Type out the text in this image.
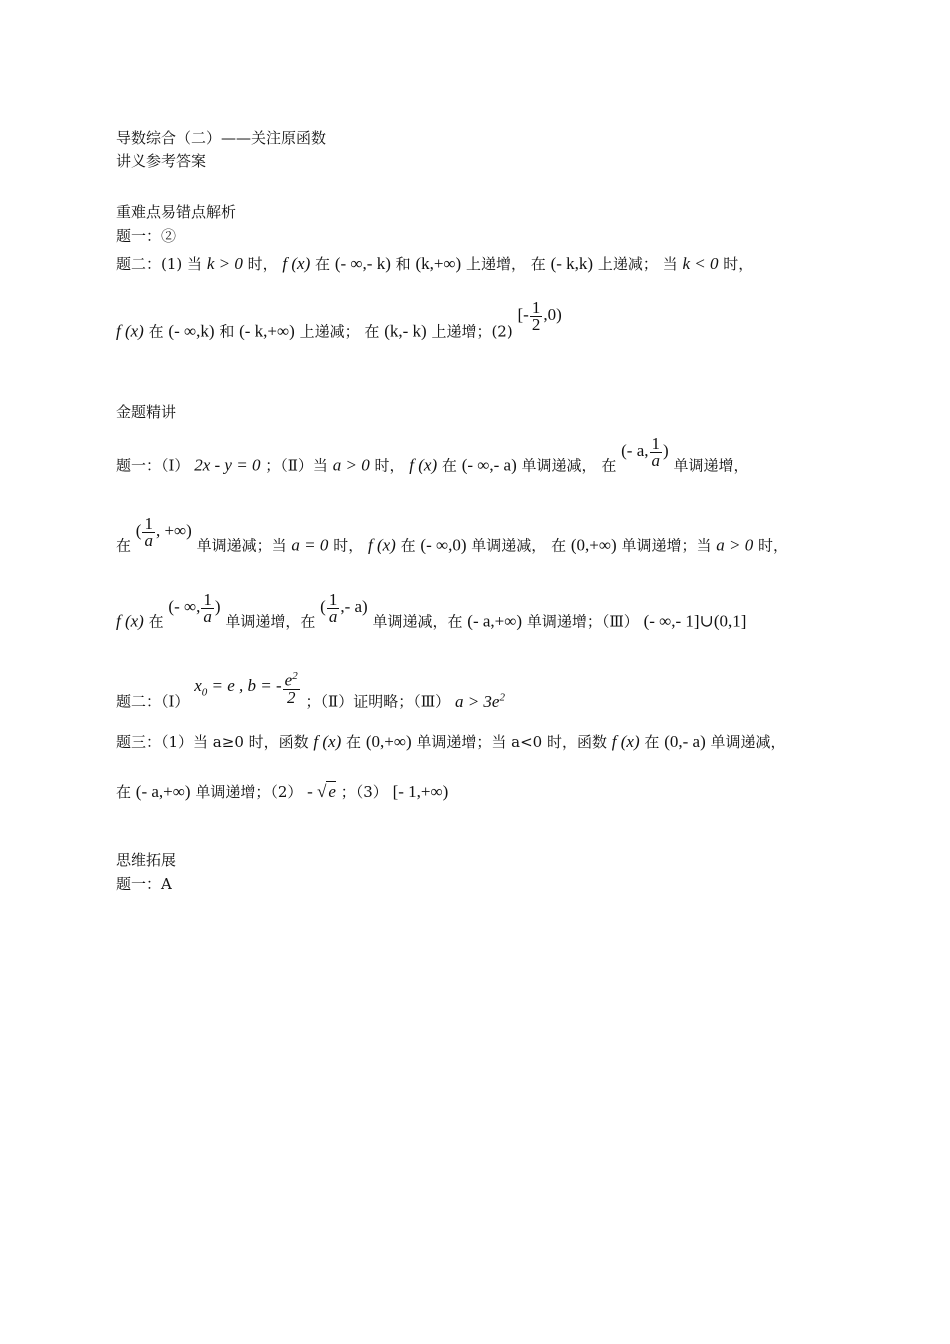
导数综合（二）——关注原函数
讲义参考答案
重难点易错点解析
题一：②
题二：(1) 当 k > 0 时， f (x) 在 (- ∞,- k) 和 (k,+∞) 上递增， 在 (- k,k) 上递减； 当 k < 0 时，
f (x) 在 (- ∞,k) 和 (- k,+∞) 上递减； 在 (k,- k) 上递增；(2) [- $\frac{1}{2} ,0$)
金题精讲
题一：（Ⅰ） 2x - y = 0 ；（Ⅱ）当 a > 0 时， f (x) 在 (- ∞,- a) 单调递减， 在 (- a, $\frac{1}{a}$ ) 单调递增，
在 ( $\frac{1}{a}$ , +∞) 单调递减；当 a = 0 时， f (x) 在 (- ∞,0) 单调递减， 在 (0,+∞) 单调递增；当 a > 0 时，
f (x) 在 (- ∞, $\frac{1}{a}$ ) 单调递增，在 ( $\frac{1}{a}$ ,- a) 单调递减，在 (- a,+∞) 单调递增；（Ⅲ） (- ∞,- 1]∪(0,1]
题二：（Ⅰ） $x_0 = e$ , b = - $\frac{e^2}{2}$ ；（Ⅱ）证明略；（Ⅲ） $a > 3e^2$
题三：（1）当 a≥0 时，函数 f (x) 在 (0,+∞) 单调递增；当 a<0 时，函数 f (x) 在 (0,- a) 单调递减，
在 (- a,+∞) 单调递增；（2） - √ e ；（3） [- 1,+∞)
思维拓展
题一：A
